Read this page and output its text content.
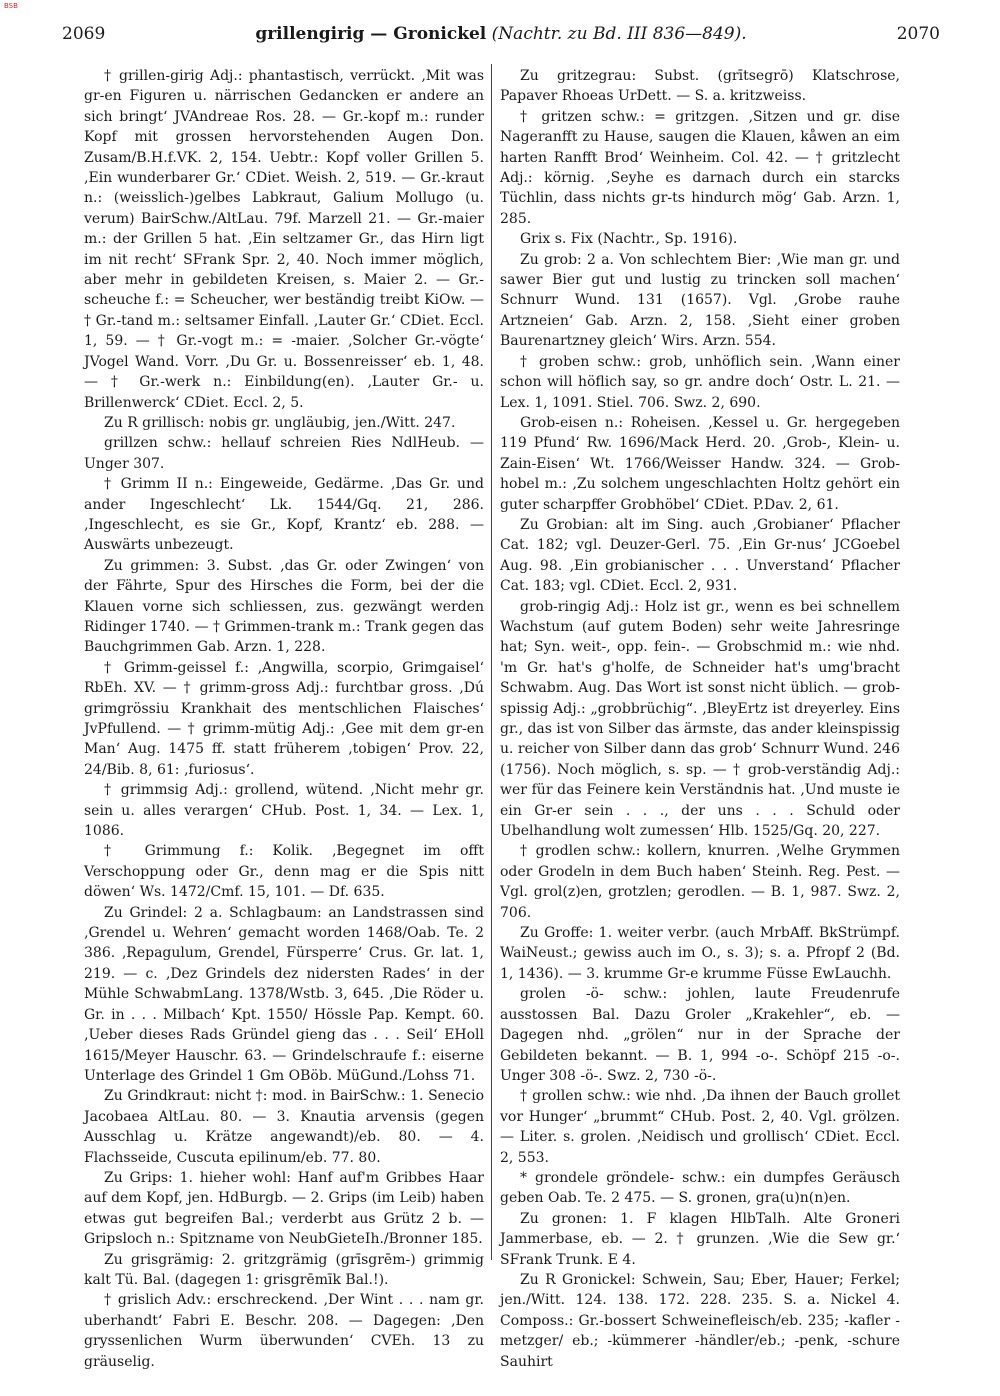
BSB
2069	grillengirig — Gronickel (Nachtr. zu Bd. III 836—849).	2070

† grillen-girig Adj.: phantastisch, verrückt. ‚Mit was gr-en Figuren u. närrischen Gedancken er andere an sich bringt‘ JVAndreae Ros. 28. — Gr.-kopf m.: runder Kopf mit grossen hervorstehenden Augen Don. Zusam/B.H.f.VK. 2, 154. Uebtr.: Kopf voller Grillen 5. ‚Ein wunderbarer Gr.‘ CDiet. Weish. 2, 519. — Gr.-kraut n.: (weisslich-)gelbes Labkraut, Galium Mollugo (u. verum) BairSchw./AltLau. 79f. Marzell 21. — Gr.-maier m.: der Grillen 5 hat. ‚Ein seltzamer Gr., das Hirn ligt im nit recht‘ SFrank Spr. 2, 40. Noch immer möglich, aber mehr in gebildeten Kreisen, s. Maier 2. — Gr.-scheuche f.: = Scheucher, wer beständig treibt KiOw. — † Gr.-tand m.: seltsamer Einfall. ‚Lauter Gr.‘ CDiet. Eccl. 1, 59. — † Gr.-vogt m.: = -maier. ‚Solcher Gr.-vögte‘ JVogel Wand. Vorr. ‚Du Gr. u. Bossenreisser‘ eb. 1, 48. — † Gr.-werk n.: Einbildung(en). ‚Lauter Gr.- u. Brillenwerck‘ CDiet. Eccl. 2, 5.

Zu R grillisch: nobis gr. ungläubig, jen./Witt. 247.

grillzen schw.: hellauf schreien Ries NdlHeub. — Unger 307.

† Grimm II n.: Eingeweide, Gedärme. ‚Das Gr. und ander Ingeschlecht‘ Lk. 1544/Gq. 21, 286. ‚Ingeschlecht, es sie Gr., Kopf, Krantz‘ eb. 288. — Auswärts unbezeugt.

Zu grimmen: 3. Subst. ‚das Gr. oder Zwingen‘ von der Fährte, Spur des Hirsches die Form, bei der die Klauen vorne sich schliessen, zus. gezwängt werden Ridinger 1740. — † Grimmen-trank m.: Trank gegen das Bauchgrimmen Gab. Arzn. 1, 228.

† Grimm-geissel f.: ‚Angwilla, scorpio, Grimgaisel‘ RbEh. XV. — † grimm-gross Adj.: furchtbar gross. ‚Dú grimgrössiu Krankhait des mentschlichen Flaisches‘ JvPfullend. — † grimm-mütig Adj.: ‚Gee mit dem gr-en Man‘ Aug. 1475 ff. statt früherem ‚tobigen‘ Prov. 22, 24/Bib. 8, 61: ‚furiosus‘.

† grimmsig Adj.: grollend, wütend. ‚Nicht mehr gr. sein u. alles verargen‘ CHub. Post. 1, 34. — Lex. 1, 1086.

† Grimmung f.: Kolik. ‚Begegnet im offt Verschoppung oder Gr., denn mag er die Spis nitt döwen‘ Ws. 1472/Cmf. 15, 101. — Df. 635.

Zu Grindel: 2 a. Schlagbaum: an Landstrassen sind ‚Grendel u. Wehren‘ gemacht worden 1468/Oab. Te. 2 386. ‚Repagulum, Grendel, Fürsperre‘ Crus. Gr. lat. 1, 219. — c. ‚Dez Grindels dez nidersten Rades‘ in der Mühle SchwabmLang. 1378/Wstb. 3, 645. ‚Die Röder u. Gr. in . . . Milbach‘ Kpt. 1550/ Hössle Pap. Kempt. 60. ‚Ueber dieses Rads Gründel gieng das . . . Seil‘ EHoll 1615/Meyer Hauschr. 63. — Grindelschraufe f.: eiserne Unterlage des Grindel 1 Gm OBöb. MüGund./Lohss 71.

Zu Grindkraut: nicht †: mod. in BairSchw.: 1. Senecio Jacobaea AltLau. 80. — 3. Knautia arvensis (gegen Ausschlag u. Krätze angewandt)/eb. 80. — 4. Flachsseide, Cuscuta epilinum/eb. 77. 80.

Zu Grips: 1. hieher wohl: Hanf auf'm Gribbes Haar auf dem Kopf, jen. HdBurgb. — 2. Grips (im Leib) haben etwas gut begreifen Bal.; verderbt aus Grütz 2 b. — Gripsloch n.: Spitzname von NeubGieteIh./Bronner 185.

Zu grisgrämig: 2. gritzgrämig (grīsgrēm-) grimmig kalt Tü. Bal. (dagegen 1: grisgrēmīk Bal.!).

† grislich Adv.: erschreckend. ‚Der Wint . . . nam gr. uberhandt‘ Fabri E. Beschr. 208. — Dagegen: ‚Den gryssenlichen Wurm überwunden‘ CVEh. 13 zu gräuselig.

Zu gritzegrau: Subst. (grītsegrō) Klatschrose, Papaver Rhoeas UrDett. — S. a. kritzweiss.

† gritzen schw.: = gritzgen. ‚Sitzen und gr. dise Nageranfft zu Hause, saugen die Klauen, kåwen an eim harten Ranfft Brod‘ Weinheim. Col. 42. — † gritzlecht Adj.: körnig. ‚Seyhe es darnach durch ein starcks Tüchlin, dass nichts gr-ts hindurch mög‘ Gab. Arzn. 1, 285.

Grix s. Fix (Nachtr., Sp. 1916).

Zu grob: 2 a. Von schlechtem Bier: ‚Wie man gr. und sawer Bier gut und lustig zu trincken soll machen‘ Schnurr Wund. 131 (1657). Vgl. ‚Grobe rauhe Artzneien‘ Gab. Arzn. 2, 158. ‚Sieht einer groben Baurenartzney gleich‘ Wirs. Arzn. 554.

† groben schw.: grob, unhöflich sein. ‚Wann einer schon will höflich say, so gr. andre doch‘ Ostr. L. 21. — Lex. 1, 1091. Stiel. 706. Swz. 2, 690.

Grob-eisen n.: Roheisen. ‚Kessel u. Gr. hergegeben 119 Pfund‘ Rw. 1696/Mack Herd. 20. ‚Grob-, Klein- u. Zain-Eisen‘ Wt. 1766/Weisser Handw. 324. — Grob-hobel m.: ‚Zu solchem ungeschlachten Holtz gehört ein guter scharpffer Grobhöbel‘ CDiet. P.Dav. 2, 61.

Zu Grobian: alt im Sing. auch ‚Grobianer‘ Pflacher Cat. 182; vgl. Deuzer-Gerl. 75. ‚Ein Gr-nus‘ JCGoebel Aug. 98. ‚Ein grobianischer . . . Unverstand‘ Pflacher Cat. 183; vgl. CDiet. Eccl. 2, 931.

grob-ringig Adj.: Holz ist gr., wenn es bei schnellem Wachstum (auf gutem Boden) sehr weite Jahresringe hat; Syn. weit-, opp. fein-. — Grobschmid m.: wie nhd. 'm Gr. hat's g'holfe, de Schneider hat's umg'bracht Schwabm. Aug. Das Wort ist sonst nicht üblich. — grob-spissig Adj.: „grobbrüchig“. ‚BleyErtz ist dreyerley. Eins gr., das ist von Silber das ärmste, das ander kleinspissig u. reicher von Silber dann das grob‘ Schnurr Wund. 246 (1756). Noch möglich, s. sp. — † grob-verständig Adj.: wer für das Feinere kein Verständnis hat. ‚Und muste ie ein Gr-er sein . . ., der uns . . . Schuld oder Ubelhandlung wolt zumessen‘ Hlb. 1525/Gq. 20, 227.

† grodlen schw.: kollern, knurren. ‚Welhe Grymmen oder Grodeln in dem Buch haben‘ Steinh. Reg. Pest. — Vgl. grol(z)en, grotzlen; gerodlen. — B. 1, 987. Swz. 2, 706.

Zu Groffe: 1. weiter verbr. (auch MrbAff. BkStrümpf. WaiNeust.; gewiss auch im O., s. 3); s. a. Pfropf 2 (Bd. 1, 1436). — 3. krumme Gr-e krumme Füsse EwLauchh.

grolen -ö- schw.: johlen, laute Freudenrufe ausstossen Bal. Dazu Groler „Krakehler“, eb. — Dagegen nhd. „grölen“ nur in der Sprache der Gebildeten bekannt. — B. 1, 994 -o-. Schöpf 215 -o-. Unger 308 -ö-. Swz. 2, 730 -ö-.

† grollen schw.: wie nhd. ‚Da ihnen der Bauch grollet vor Hunger‘ „brummt“ CHub. Post. 2, 40. Vgl. grölzen. — Liter. s. grolen. ‚Neidisch und grollisch‘ CDiet. Eccl. 2, 553.

* grondele gröndele- schw.: ein dumpfes Geräusch geben Oab. Te. 2 475. — S. gronen, gra(u)n(n)en.

Zu gronen: 1. F klagen HlbTalh. Alte Groneri Jammerbase, eb. — 2. † grunzen. ‚Wie die Sew gr.‘ SFrank Trunk. E 4.

Zu R Gronickel: Schwein, Sau; Eber, Hauer; Ferkel; jen./Witt. 124. 138. 172. 228. 235. S. a. Nickel 4. Composs.: Gr.-bossert Schweinefleisch/eb. 235; -kafler -metzger/ eb.; -kümmerer -händler/eb.; -penk, -schure Sauhirt
